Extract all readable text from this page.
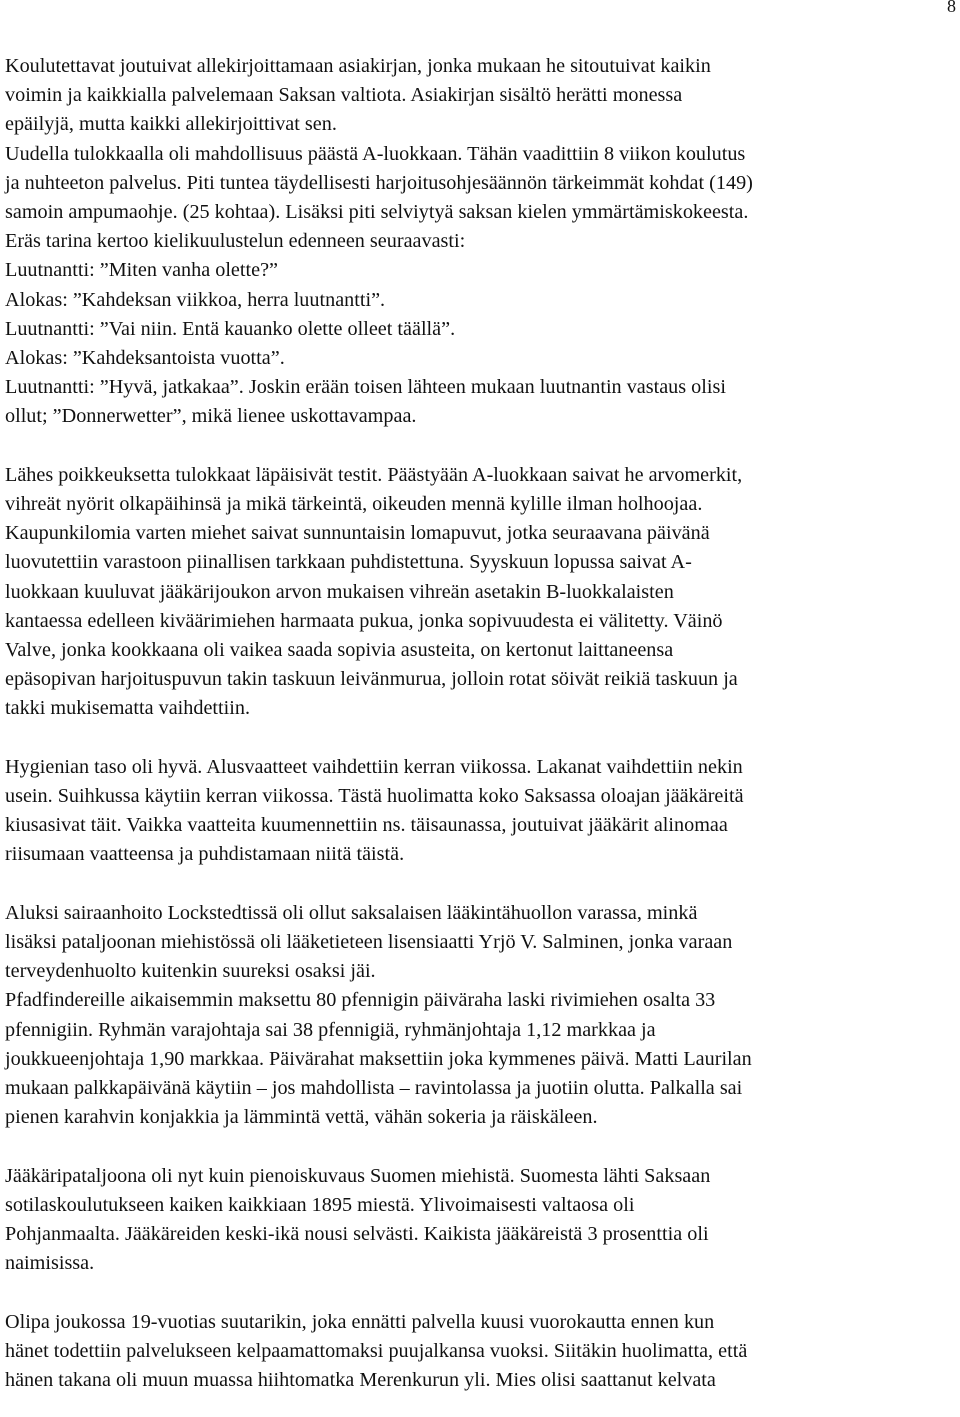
8

Koulutettavat joutuivat allekirjoittamaan asiakirjan, jonka mukaan he sitoutuivat kaikin
voimin ja kaikkialla palvelemaan Saksan valtiota. Asiakirjan sisältö herätti monessa
epäilyjä, mutta kaikki allekirjoittivat sen.
Uudella tulokkaalla oli mahdollisuus päästä A-luokkaan. Tähän vaadittiin 8 viikon koulutus
ja nuhteeton palvelus. Piti tuntea täydellisesti harjoitusohjesäännön tärkeimmät kohdat (149)
samoin ampumaohje. (25 kohtaa). Lisäksi piti selviytyä saksan kielen ymmärtämiskokeesta.
Eräs tarina kertoo kielikuulustelun edenneen seuraavasti:
Luutnantti: ”Miten vanha olette?”
Alokas: ”Kahdeksan viikkoa, herra luutnantti”.
Luutnantti: ”Vai niin. Entä kauanko olette olleet täällä”.
Alokas: ”Kahdeksantoista vuotta”.
Luutnantti: ”Hyvä, jatkakaa”. Joskin erään toisen lähteen mukaan luutnantin vastaus olisi
ollut; ”Donnerwetter”, mikä lienee uskottavampaa.

Lähes poikkeuksetta tulokkaat läpäisivät testit. Päästyään A-luokkaan saivat he arvomerkit,
vihreät nyörit olkapäihinsä ja mikä tärkeintä, oikeuden mennä kylille ilman holhoojaa.
Kaupunkilomia varten miehet saivat sunnuntaisin lomapuvut, jotka seuraavana päivänä
luovutettiin varastoon piinallisen tarkkaan puhdistettuna. Syyskuun lopussa saivat A-
luokkaan kuuluvat jääkärijoukon arvon mukaisen vihreän asetakin B-luokkalaisten
kantaessa edelleen kiväärimiehen harmaata pukua, jonka sopivuudesta ei välitetty. Väinö
Valve, jonka kookkaana oli vaikea saada sopivia asusteita, on kertonut laittaneensa
epäsopivan harjoituspuvun takin taskuun leivänmurua, jolloin rotat söivät reikiä taskuun ja
takki mukisematta vaihdettiin.

Hygienian taso oli hyvä. Alusvaatteet vaihdettiin kerran viikossa. Lakanat vaihdettiin nekin
usein. Suihkussa käytiin kerran viikossa. Tästä huolimatta koko Saksassa oloajan jääkäreitä
kiusasivat täit. Vaikka vaatteita kuumennettiin ns. täisaunassa, joutuivat jääkärit alinomaa
riisumaan vaatteensa ja puhdistamaan niitä täistä.

Aluksi sairaanhoito Lockstedtissä oli ollut saksalaisen lääkintähuollon varassa, minkä
lisäksi pataljoonan miehistössä oli lääketieteen lisensiaatti Yrjö V. Salminen, jonka varaan
terveydenhuolto kuitenkin suureksi osaksi jäi.
Pfadfindereille aikaisemmin maksettu 80 pfennigin päiväraha laski rivimiehen osalta 33
pfennigiin. Ryhmän varajohtaja sai 38 pfennigiä, ryhmänjohtaja 1,12 markkaa ja
joukkueenjohtaja 1,90 markkaa. Päivärahat maksettiin joka kymmenes päivä. Matti Laurilan
mukaan palkkapäivänä käytiin – jos mahdollista – ravintolassa ja juotiin olutta. Palkalla sai
pienen karahvin konjakkia ja lämmintä vettä, vähän sokeria ja räiskäleen.

Jääkäripataljoona oli nyt kuin pienoiskuvaus Suomen miehistä. Suomesta lähti Saksaan
sotilaskoulutukseen kaiken kaikkiaan 1895 miestä. Ylivoimaisesti valtaosa oli
Pohjanmaalta. Jääkäreiden keski-ikä nousi selvästi. Kaikista jääkäreistä 3 prosenttia oli
naimisissa.

Olipa joukossa 19-vuotias suutarikin, joka ennätti palvella kuusi vuorokautta ennen kun
hänet todettiin palvelukseen kelpaamattomaksi puujalkansa vuoksi. Siitäkin huolimatta, että
hänen takana oli muun muassa hiihtomatka Merenkurun yli. Mies olisi saattanut kelvata
